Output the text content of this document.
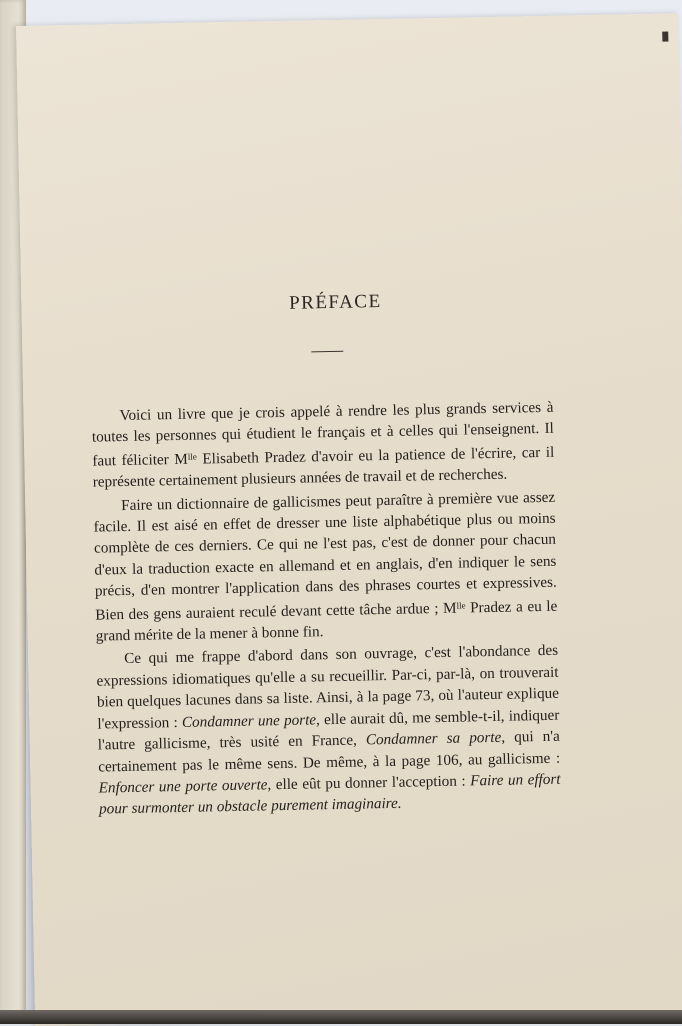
PRÉFACE

Voici un livre que je crois appelé à rendre les plus grands services à toutes les personnes qui étudient le français et à celles qui l'enseignent. Il faut féliciter $M^{lle}$ Elisabeth Pradez d'avoir eu la patience de l'écrire, car il représente certainement plusieurs années de travail et de recherches.

Faire un dictionnaire de gallicismes peut paraître à première vue assez facile. Il est aisé en effet de dresser une liste alphabétique plus ou moins complète de ces derniers. Ce qui ne l'est pas, c'est de donner pour chacun d'eux la traduction exacte en allemand et en anglais, d'en indiquer le sens précis, d'en montrer l'application dans des phrases courtes et expressives. Bien des gens auraient reculé devant cette tâche ardue ; $M^{lle}$ Pradez a eu le grand mérite de la mener à bonne fin.

Ce qui me frappe d'abord dans son ouvrage, c'est l'abondance des expressions idiomatiques qu'elle a su recueillir. Par-ci, par-là, on trouverait bien quelques lacunes dans sa liste. Ainsi, à la page 73, où l'auteur explique l'expression : Condamner une porte, elle aurait dû, me semble-t-il, indiquer l'autre gallicisme, très usité en France, Condamner sa porte, qui n'a certainement pas le même sens. De même, à la page 106, au gallicisme : Enfoncer une porte ouverte, elle eût pu donner l'acception : Faire un effort pour surmonter un obstacle purement imaginaire.
